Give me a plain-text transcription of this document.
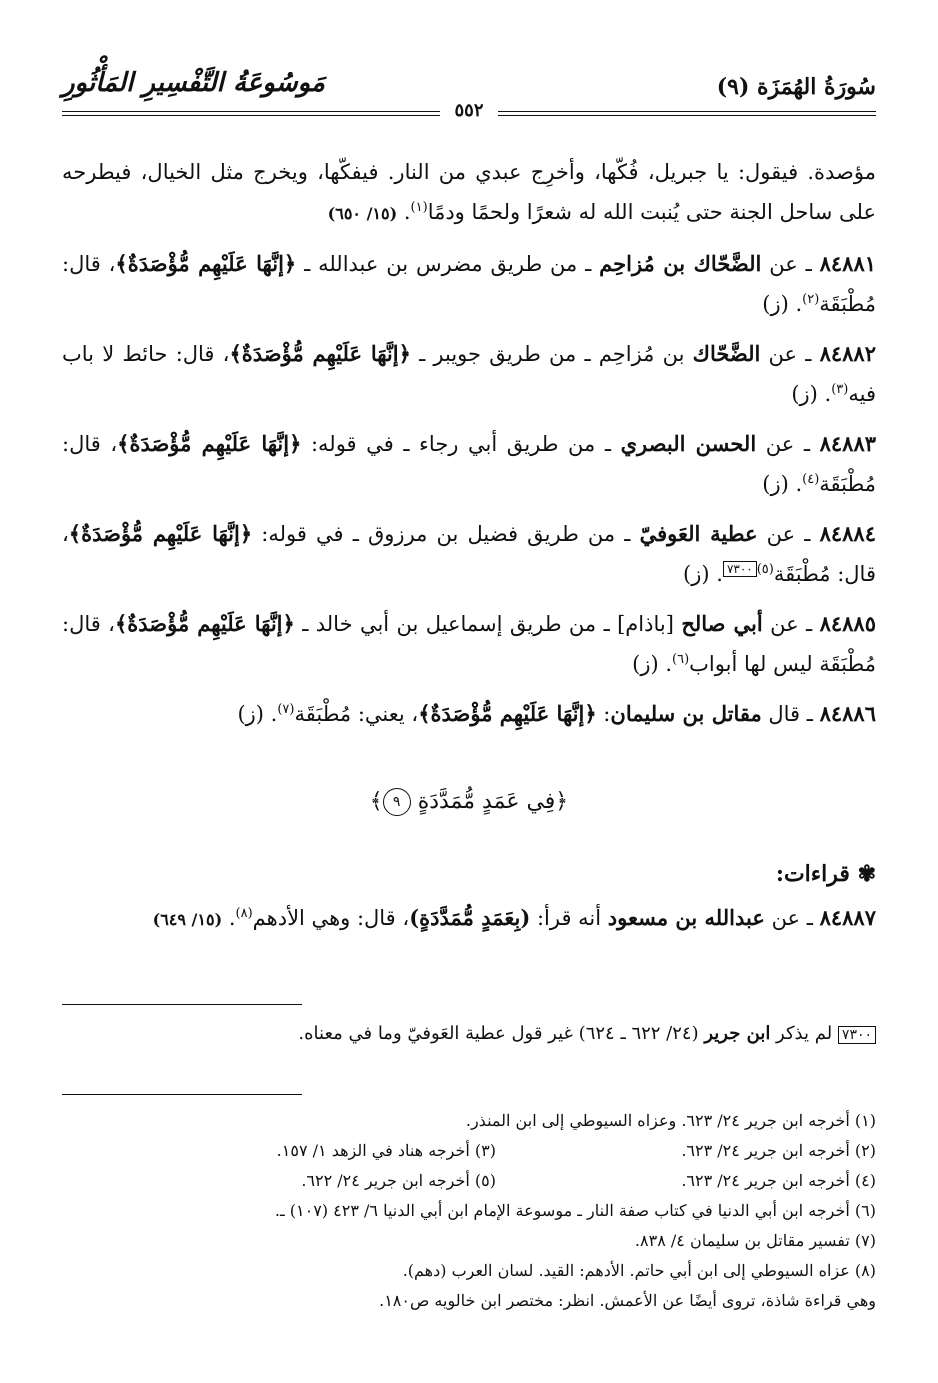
سُورَةُ الهُمَزَة (٩)
مَوسُوعَةُ التَّفْسِيرِ المَأْثُورِ
٥٥٢

مؤصدة. فيقول: يا جبريل، فُكّها، وأخرِج عبدي من النار. فيفكّها، ويخرج مثل الخيال، فيطرحه على ساحل الجنة حتى يُنبت الله له شعرًا ولحمًا ودمًا$^{(١)}$. (١٥/ ٦٥٠)

٨٤٨٨١ ـ عن الضَّحّاك بن مُزاحِم ـ من طريق مضرس بن عبدالله ـ ﴿إنَّهَا عَلَيْهِم مُّؤْصَدَةٌ﴾، قال: مُطْبَقَة$^{(٢)}$. (ز)

٨٤٨٨٢ ـ عن الضَّحّاك بن مُزاحِم ـ من طريق جويبر ـ ﴿إنَّهَا عَلَيْهِم مُّؤْصَدَةٌ﴾، قال: حائط لا باب فيه$^{(٣)}$. (ز)

٨٤٨٨٣ ـ عن الحسن البصري ـ من طريق أبي رجاء ـ في قوله: ﴿إنَّهَا عَلَيْهِم مُّؤْصَدَةٌ﴾، قال: مُطْبَقَة$^{(٤)}$. (ز)

٨٤٨٨٤ ـ عن عطية العَوفيّ ـ من طريق فضيل بن مرزوق ـ في قوله: ﴿إنَّهَا عَلَيْهِم مُّؤْصَدَةٌ﴾، قال: مُطْبَقَة$^{(٥)٧٣٠٠}$. (ز)

٨٤٨٨٥ ـ عن أبي صالح [باذام] ـ من طريق إسماعيل بن أبي خالد ـ ﴿إنَّهَا عَلَيْهِم مُّؤْصَدَةٌ﴾، قال: مُطْبَقَة ليس لها أبواب$^{(٦)}$. (ز)

٨٤٨٨٦ ـ قال مقاتل بن سليمان: ﴿إنَّهَا عَلَيْهِم مُّؤْصَدَةٌ﴾، يعني: مُطْبَقَة$^{(٧)}$. (ز)

﴿فِي عَمَدٍ مُّمَدَّدَةٍ ٩﴾
✾ قراءات:

٨٤٨٨٧ ـ عن عبدالله بن مسعود أنه قرأ: (بِعَمَدٍ مُّمَدَّدَةٍ)، قال: وهي الأدهم$^{(٨)}$. (١٥/ ٦٤٩)

٧٣٠٠ لم يذكر ابن جرير (٢٤/ ٦٢٢ ـ ٦٢٤) غير قول عطية العَوفيّ وما في معناه.
(١) أخرجه ابن جرير ٢٤/ ٦٢٣. وعزاه السيوطي إلى ابن المنذر.
(٢) أخرجه ابن جرير ٢٤/ ٦٢٣.(٣) أخرجه هناد في الزهد ١/ ١٥٧.
(٤) أخرجه ابن جرير ٢٤/ ٦٢٣.(٥) أخرجه ابن جرير ٢٤/ ٦٢٢.
(٦) أخرجه ابن أبي الدنيا في كتاب صفة النار ـ موسوعة الإمام ابن أبي الدنيا ٦/ ٤٢٣ (١٠٧) ـ.
(٧) تفسير مقاتل بن سليمان ٤/ ٨٣٨.
(٨) عزاه السيوطي إلى ابن أبي حاتم. الأدهم: القيد. لسان العرب (دهم).
وهي قراءة شاذة، تروى أيضًا عن الأعمش. انظر: مختصر ابن خالويه ص١٨٠.
